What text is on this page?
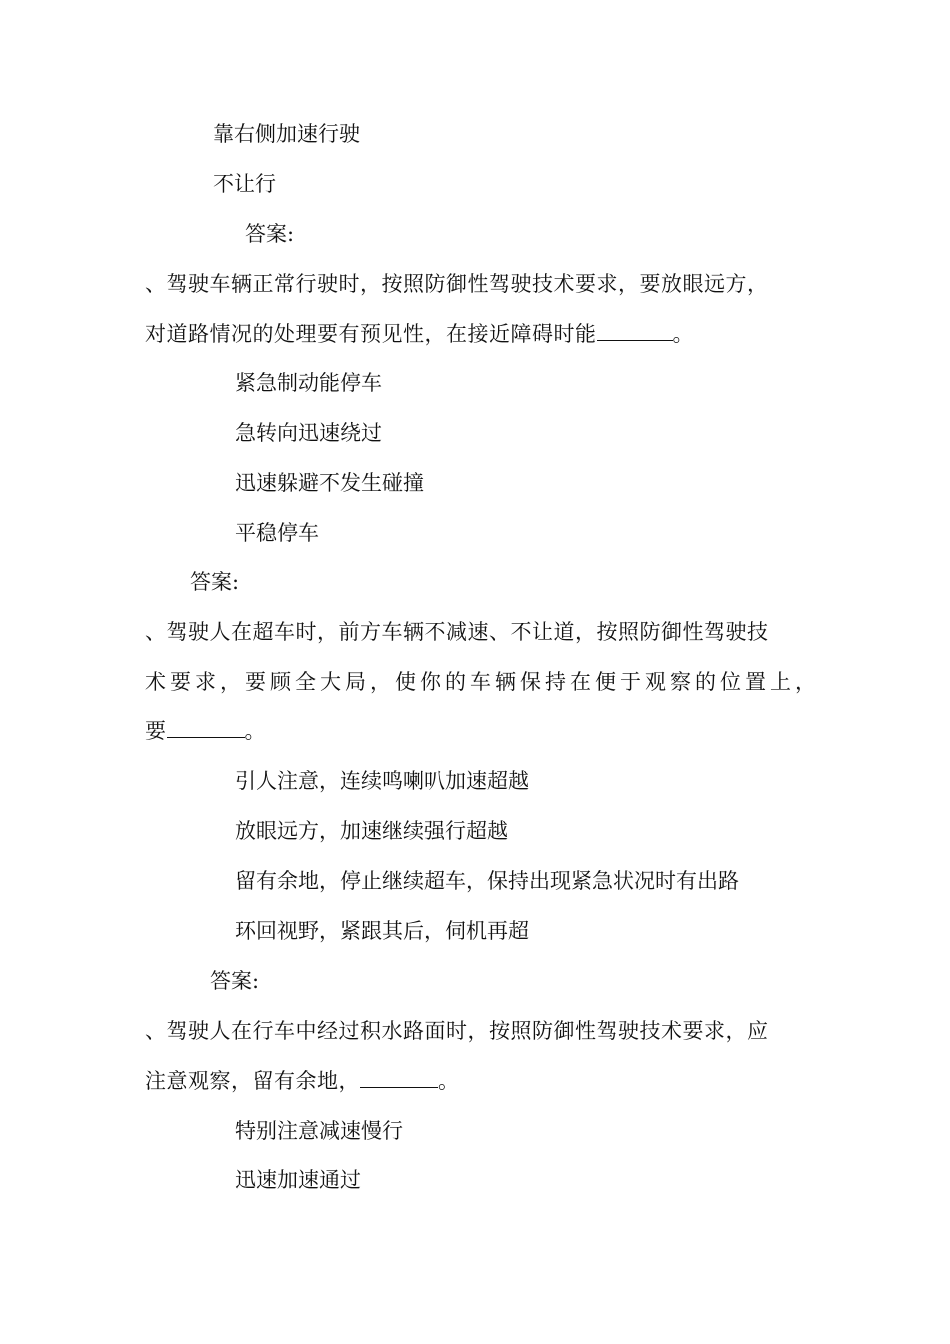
靠右侧加速行驶
不让行
答案:
、驾驶车辆正常行驶时，按照防御性驾驶技术要求，要放眼远方，
对道路情况的处理要有预见性，在接近障碍时能	。
紧急制动能停车
急转向迅速绕过
迅速躲避不发生碰撞
平稳停车
答案:
、驾驶人在超车时，前方车辆不减速、不让道，按照防御性驾驶技
术要求，要顾全大局，使你的车辆保持在便于观察的位置上，
要	。
引人注意，连续鸣喇叭加速超越
放眼远方，加速继续强行超越
留有余地，停止继续超车，保持出现紧急状况时有出路
环回视野，紧跟其后，伺机再超
答案:
、驾驶人在行车中经过积水路面时，按照防御性驾驶技术要求，应
注意观察，留有余地，	。
特别注意减速慢行
迅速加速通过
